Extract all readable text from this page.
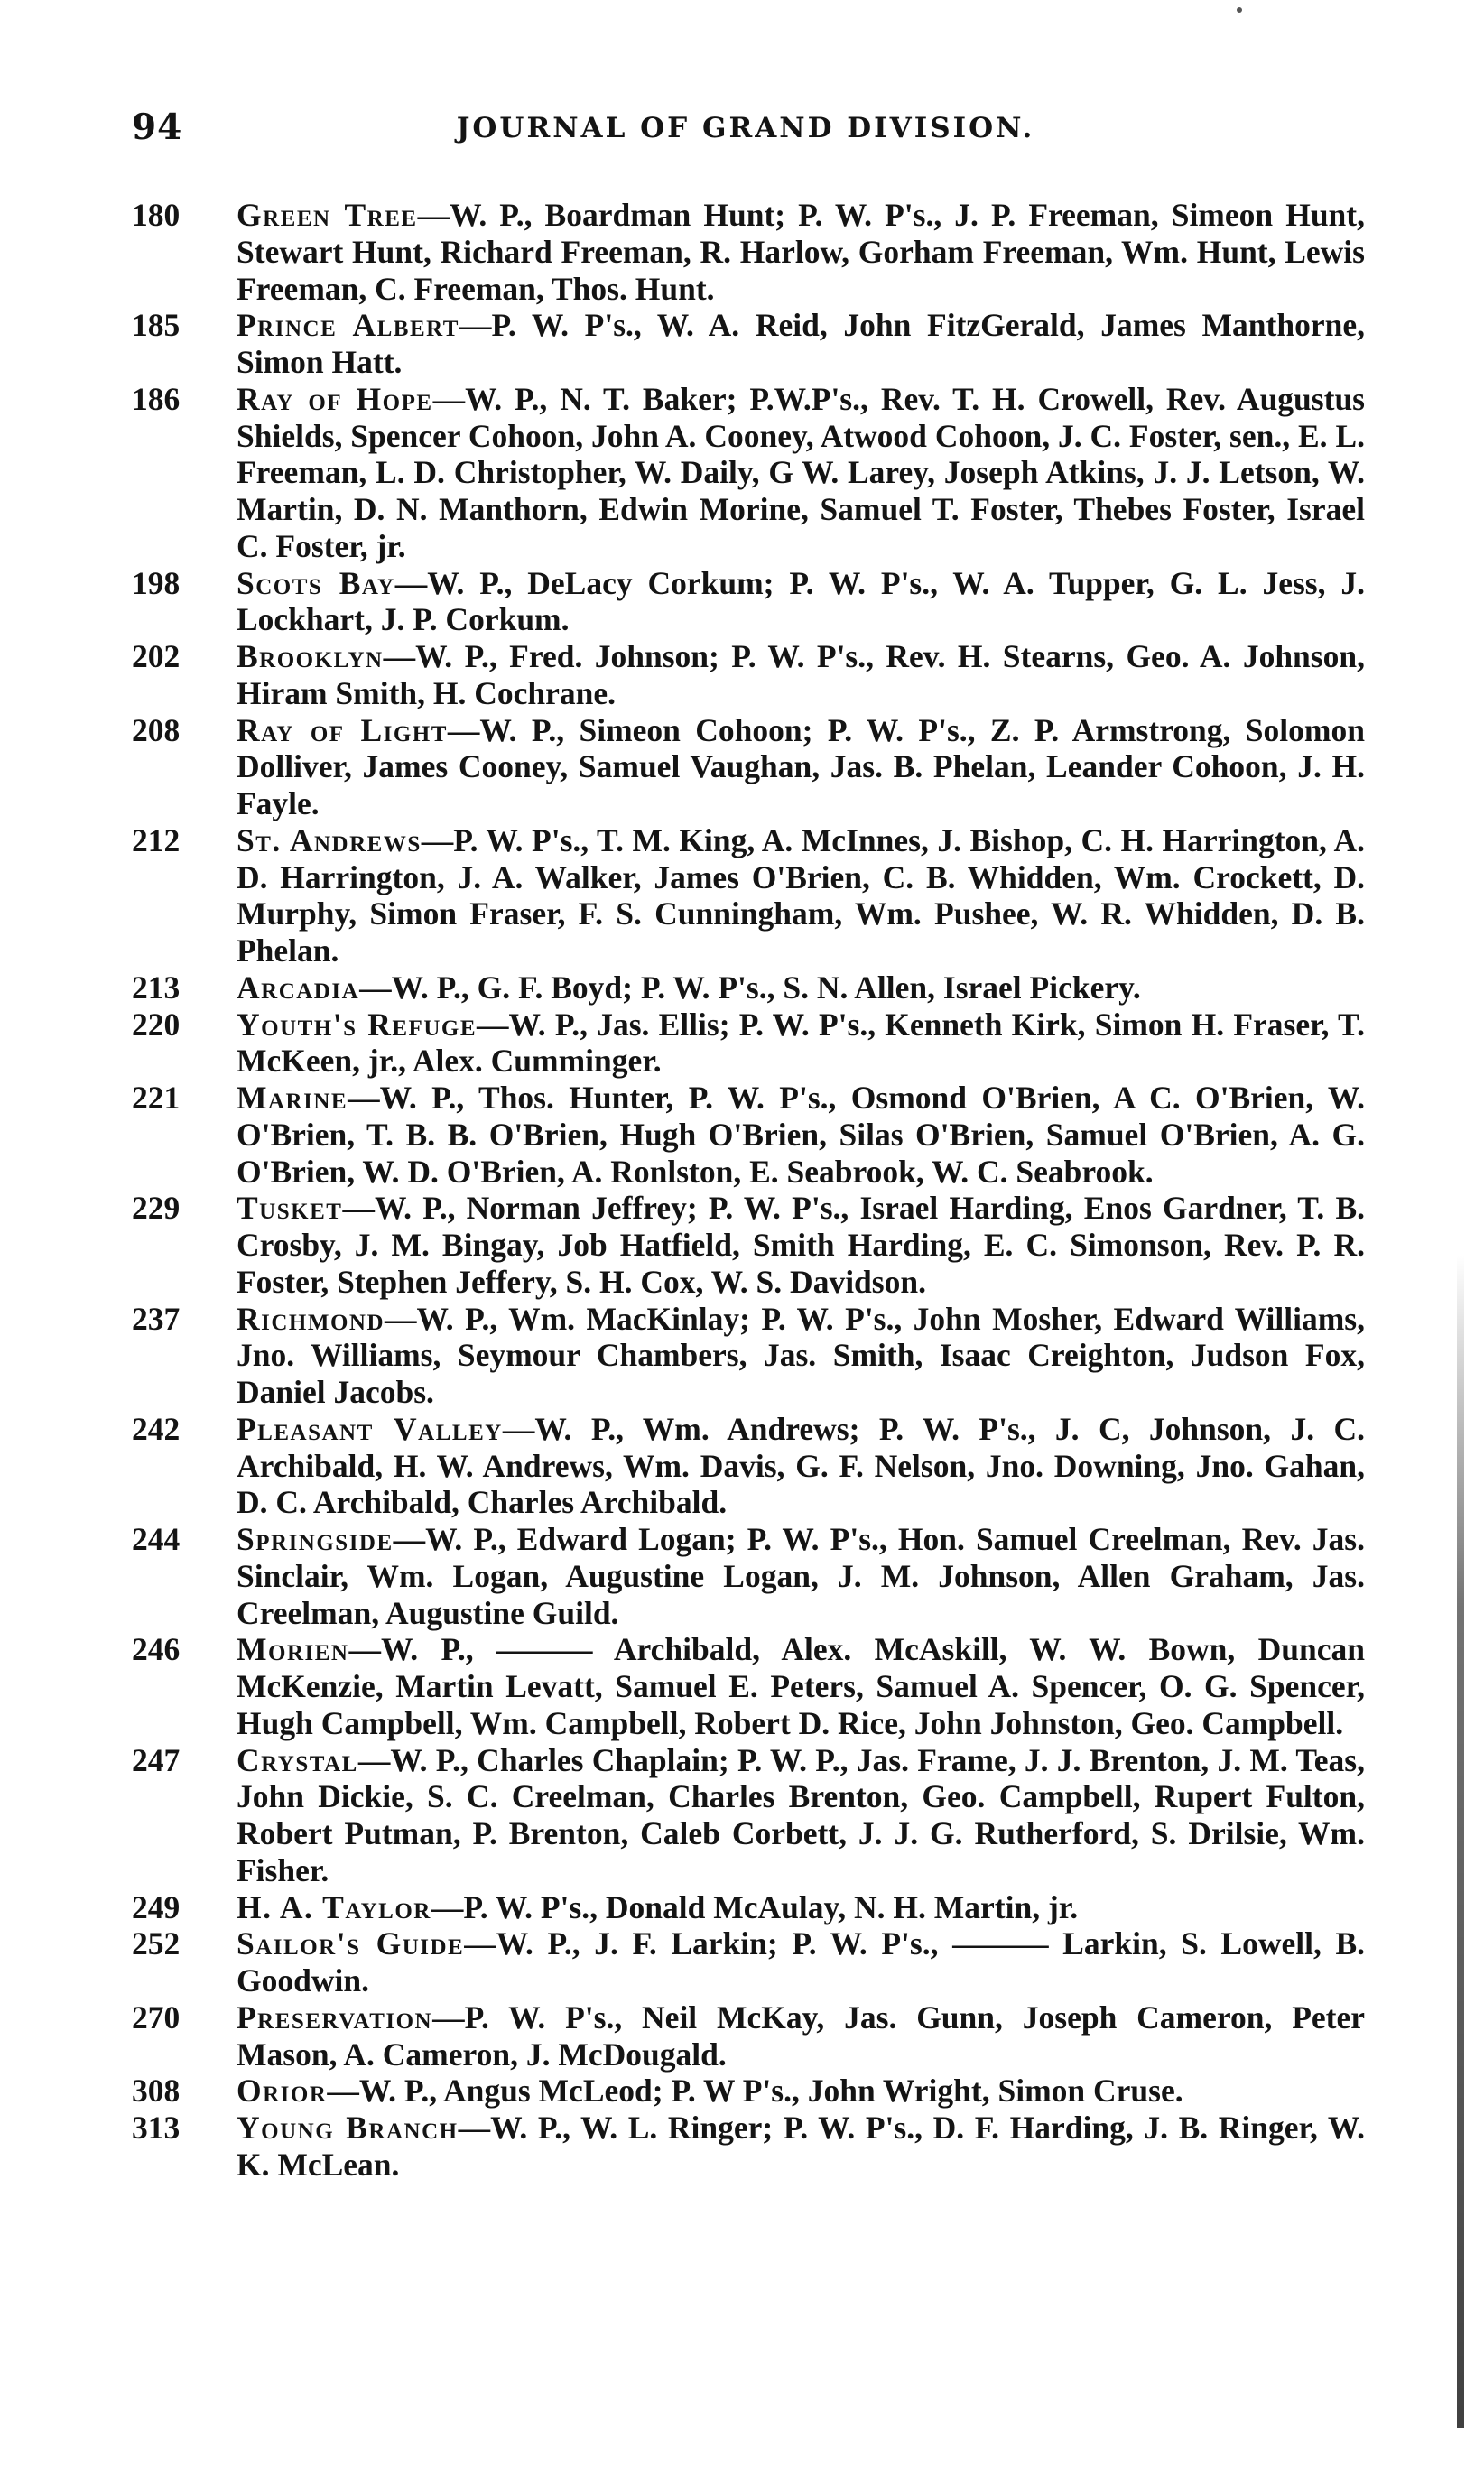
94	JOURNAL OF GRAND DIVISION.
180	Green Tree—W. P., Boardman Hunt; P. W. P's., J. P. Freeman, Simeon Hunt, Stewart Hunt, Richard Freeman, R. Harlow, Gorham Freeman, Wm. Hunt, Lewis Freeman, C. Freeman, Thos. Hunt.
185	Prince Albert—P. W. P's., W. A. Reid, John FitzGerald, James Manthorne, Simon Hatt.
186	Ray of Hope—W. P., N. T. Baker; P.W.P's., Rev. T. H. Crowell, Rev. Augustus Shields, Spencer Cohoon, John A. Cooney, Atwood Cohoon, J. C. Foster, sen., E. L. Freeman, L. D. Christopher, W. Daily, G W. Larey, Joseph Atkins, J. J. Letson, W. Martin, D. N. Manthorn, Edwin Morine, Samuel T. Foster, Thebes Foster, Israel C. Foster, jr.
198	Scots Bay—W. P., DeLacy Corkum; P. W. P's., W. A. Tupper, G. L. Jess, J. Lockhart, J. P. Corkum.
202	Brooklyn—W. P., Fred. Johnson; P. W. P's., Rev. H. Stearns, Geo. A. Johnson, Hiram Smith, H. Cochrane.
208	Ray of Light—W. P., Simeon Cohoon; P. W. P's., Z. P. Armstrong, Solomon Dolliver, James Cooney, Samuel Vaughan, Jas. B. Phelan, Leander Cohoon, J. H. Fayle.
212	St. Andrews—P. W. P's., T. M. King, A. McInnes, J. Bishop, C. H. Harrington, A. D. Harrington, J. A. Walker, James O'Brien, C. B. Whidden, Wm. Crockett, D. Murphy, Simon Fraser, F. S. Cunningham, Wm. Pushee, W. R. Whidden, D. B. Phelan.
213	Arcadia—W. P., G. F. Boyd; P. W. P's., S. N. Allen, Israel Pickery.
220	Youth's Refuge—W. P., Jas. Ellis; P. W. P's., Kenneth Kirk, Simon H. Fraser, T. McKeen, jr., Alex. Cumminger.
221	Marine—W. P., Thos. Hunter, P. W. P's., Osmond O'Brien, A C. O'Brien, W. O'Brien, T. B. B. O'Brien, Hugh O'Brien, Silas O'Brien, Samuel O'Brien, A. G. O'Brien, W. D. O'Brien, A. Ronlston, E. Seabrook, W. C. Seabrook.
229	Tusket—W. P., Norman Jeffrey; P. W. P's., Israel Harding, Enos Gardner, T. B. Crosby, J. M. Bingay, Job Hatfield, Smith Harding, E. C. Simonson, Rev. P. R. Foster, Stephen Jeffery, S. H. Cox, W. S. Davidson.
237	Richmond—W. P., Wm. MacKinlay; P. W. P's., John Mosher, Edward Williams, Jno. Williams, Seymour Chambers, Jas. Smith, Isaac Creighton, Judson Fox, Daniel Jacobs.
242	Pleasant Valley—W. P., Wm. Andrews; P. W. P's., J. C, Johnson, J. C. Archibald, H. W. Andrews, Wm. Davis, G. F. Nelson, Jno. Downing, Jno. Gahan, D. C. Archibald, Charles Archibald.
244	Springside—W. P., Edward Logan; P. W. P's., Hon. Samuel Creelman, Rev. Jas. Sinclair, Wm. Logan, Augustine Logan, J. M. Johnson, Allen Graham, Jas. Creelman, Augustine Guild.
246	Morien—W. P., ——— Archibald, Alex. McAskill, W. W. Bown, Duncan McKenzie, Martin Levatt, Samuel E. Peters, Samuel A. Spencer, O. G. Spencer, Hugh Campbell, Wm. Campbell, Robert D. Rice, John Johnston, Geo. Campbell.
247	Crystal—W. P., Charles Chaplain; P. W. P., Jas. Frame, J. J. Brenton, J. M. Teas, John Dickie, S. C. Creelman, Charles Brenton, Geo. Campbell, Rupert Fulton, Robert Putman, P. Brenton, Caleb Corbett, J. J. G. Rutherford, S. Drilsie, Wm. Fisher.
249	H. A. Taylor—P. W. P's., Donald McAulay, N. H. Martin, jr.
252	Sailor's Guide—W. P., J. F. Larkin; P. W. P's., ——— Larkin, S. Lowell, B. Goodwin.
270	Preservation—P. W. P's., Neil McKay, Jas. Gunn, Joseph Cameron, Peter Mason, A. Cameron, J. McDougald.
308	Orior—W. P., Angus McLeod; P. W P's., John Wright, Simon Cruse.
313	Young Branch—W. P., W. L. Ringer; P. W. P's., D. F. Harding, J. B. Ringer, W. K. McLean.
